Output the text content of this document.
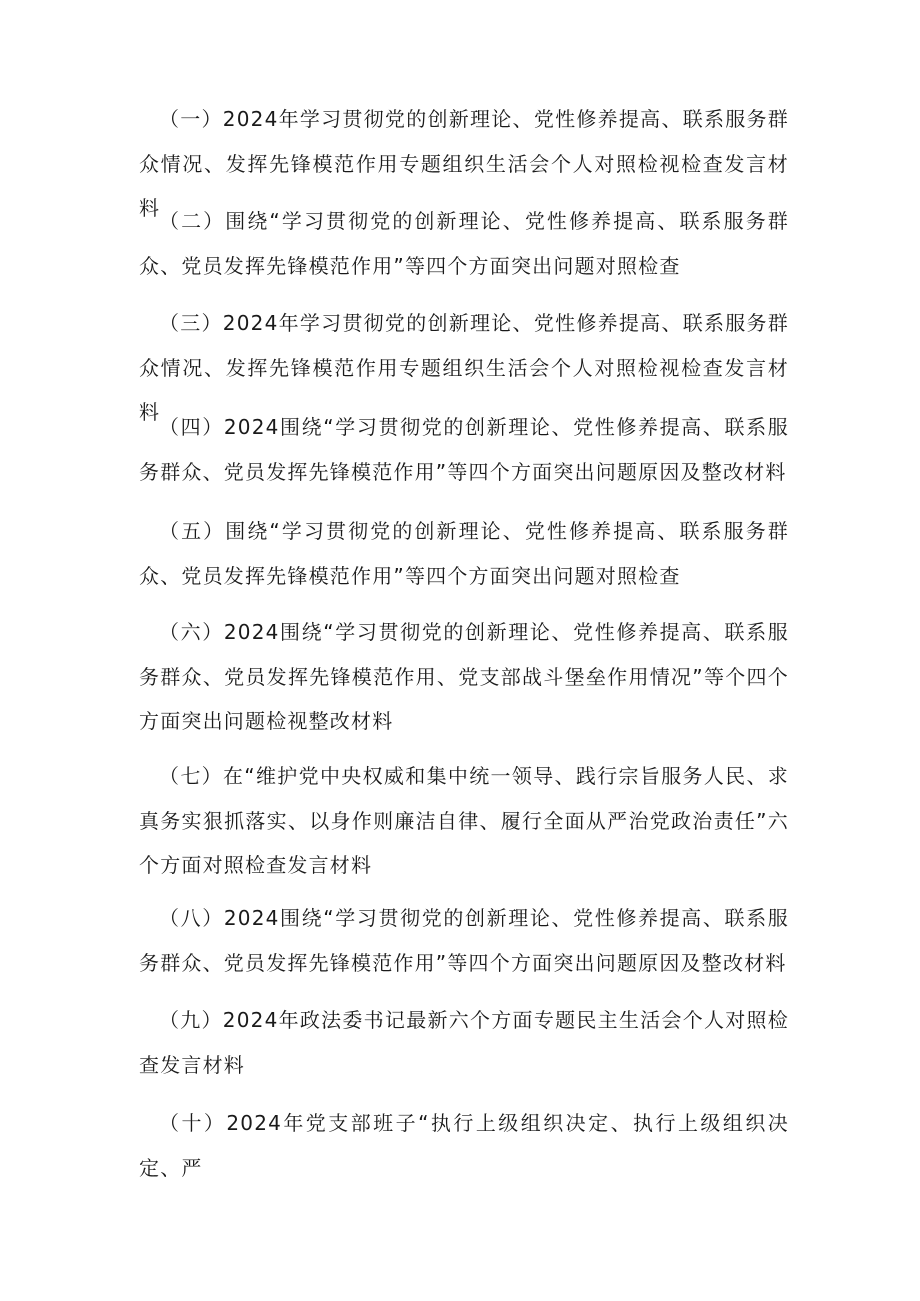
（一）2024年学习贯彻党的创新理论、党性修养提高、联系服务群众情况、发挥先锋模范作用专题组织生活会个人对照检视检查发言材料

（二）围绕“学习贯彻党的创新理论、党性修养提高、联系服务群众、党员发挥先锋模范作用”等四个方面突出问题对照检查

（三）2024年学习贯彻党的创新理论、党性修养提高、联系服务群众情况、发挥先锋模范作用专题组织生活会个人对照检视检查发言材料

（四）2024围绕“学习贯彻党的创新理论、党性修养提高、联系服务群众、党员发挥先锋模范作用”等四个方面突出问题原因及整改材料

（五）围绕“学习贯彻党的创新理论、党性修养提高、联系服务群众、党员发挥先锋模范作用”等四个方面突出问题对照检查

（六）2024围绕“学习贯彻党的创新理论、党性修养提高、联系服务群众、党员发挥先锋模范作用、党支部战斗堡垒作用情况”等个四个方面突出问题检视整改材料

（七）在“维护党中央权威和集中统一领导、践行宗旨服务人民、求真务实狠抓落实、以身作则廉洁自律、履行全面从严治党政治责任”六个方面对照检查发言材料

（八）2024围绕“学习贯彻党的创新理论、党性修养提高、联系服务群众、党员发挥先锋模范作用”等四个方面突出问题原因及整改材料

（九）2024年政法委书记最新六个方面专题民主生活会个人对照检查发言材料

（十）2024年党支部班子“执行上级组织决定、执行上级组织决定、严
